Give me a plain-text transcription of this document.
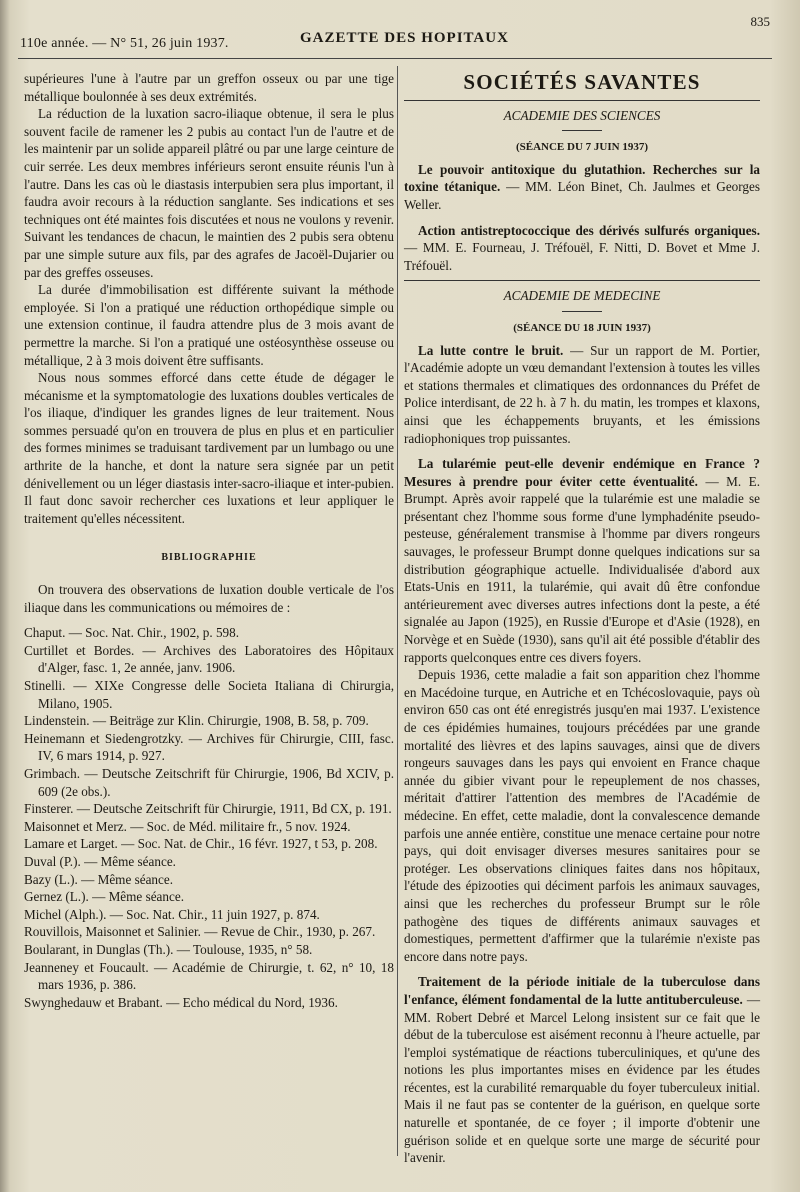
110e année. — N° 51, 26 juin 1937.	GAZETTE DES HOPITAUX
835

supérieures l'une à l'autre par un greffon osseux ou par une tige métallique boulonnée à ses deux extrémités.

La réduction de la luxation sacro-iliaque obtenue, il sera le plus souvent facile de ramener les 2 pubis au contact l'un de l'autre et de les maintenir par un solide appareil plâtré ou par une large ceinture de cuir serrée. Les deux membres inférieurs seront ensuite réunis l'un à l'autre. Dans les cas où le diastasis interpubien sera plus important, il faudra avoir recours à la réduction sanglante. Ses indications et ses techniques ont été maintes fois discutées et nous ne voulons y revenir. Suivant les tendances de chacun, le maintien des 2 pubis sera obtenu par une simple suture aux fils, par des agrafes de Jacoël-Dujarier ou par des greffes osseuses.

La durée d'immobilisation est différente suivant la méthode employée. Si l'on a pratiqué une réduction orthopédique simple ou une extension continue, il faudra attendre plus de 3 mois avant de permettre la marche. Si l'on a pratiqué une ostéosynthèse osseuse ou métallique, 2 à 3 mois doivent être suffisants.

Nous nous sommes efforcé dans cette étude de dégager le mécanisme et la symptomatologie des luxations doubles verticales de l'os iliaque, d'indiquer les grandes lignes de leur traitement. Nous sommes persuadé qu'on en trouvera de plus en plus et en particulier des formes minimes se traduisant tardivement par un lumbago ou une arthrite de la hanche, et dont la nature sera signée par un petit dénivellement ou un léger diastasis inter-sacro-iliaque et inter-pubien. Il faut donc savoir rechercher ces luxations et leur appliquer le traitement qu'elles nécessitent.

BIBLIOGRAPHIE

On trouvera des observations de luxation double verticale de l'os iliaque dans les communications ou mémoires de :

Chaput. — Soc. Nat. Chir., 1902, p. 598.
Curtillet et Bordes. — Archives des Laboratoires des Hôpitaux d'Alger, fasc. 1, 2e année, janv. 1906.
Stinelli. — XIXe Congresse delle Societa Italiana di Chirurgia, Milano, 1905.
Lindenstein. — Beiträge zur Klin. Chirurgie, 1908, B. 58, p. 709.
Heinemann et Siedengrotzky. — Archives für Chirurgie, CIII, fasc. IV, 6 mars 1914, p. 927.
Grimbach. — Deutsche Zeitschrift für Chirurgie, 1906, Bd XCIV, p. 609 (2e obs.).
Finsterer. — Deutsche Zeitschrift für Chirurgie, 1911, Bd CX, p. 191.
Maisonnet et Merz. — Soc. de Méd. militaire fr., 5 nov. 1924.
Lamare et Larget. — Soc. Nat. de Chir., 16 févr. 1927, t 53, p. 208.
Duval (P.). — Même séance.
Bazy (L.). — Même séance.
Gernez (L.). — Même séance.
Michel (Alph.). — Soc. Nat. Chir., 11 juin 1927, p. 874.
Rouvillois, Maisonnet et Salinier. — Revue de Chir., 1930, p. 267.
Boularant, in Dunglas (Th.). — Toulouse, 1935, n° 58.
Jeanneney et Foucault. — Académie de Chirurgie, t. 62, n° 10, 18 mars 1936, p. 386.
Swynghedauw et Brabant. — Echo médical du Nord, 1936.
SOCIÉTÉS SAVANTES
ACADEMIE DES SCIENCES
(SÉANCE DU 7 JUIN 1937)

Le pouvoir antitoxique du glutathion. Recherches sur la toxine tétanique. — MM. Léon Binet, Ch. Jaulmes et Georges Weller.

Action antistreptococcique des dérivés sulfurés organiques. — MM. E. Fourneau, J. Tréfouël, F. Nitti, D. Bovet et Mme J. Tréfouël.

ACADEMIE DE MEDECINE
(SÉANCE DU 18 JUIN 1937)

La lutte contre le bruit. — Sur un rapport de M. Portier, l'Académie adopte un vœu demandant l'extension à toutes les villes et stations thermales et climatiques des ordonnances du Préfet de Police interdisant, de 22 h. à 7 h. du matin, les trompes et klaxons, ainsi que les échappements bruyants, et les émissions radiophoniques trop puissantes.

La tularémie peut-elle devenir endémique en France ? Mesures à prendre pour éviter cette éventualité. — M. E. Brumpt. Après avoir rappelé que la tularémie est une maladie se présentant chez l'homme sous forme d'une lymphadénite pseudo-pesteuse, généralement transmise à l'homme par divers rongeurs sauvages, le professeur Brumpt donne quelques indications sur sa distribution géographique actuelle. Individualisée d'abord aux Etats-Unis en 1911, la tularémie, qui avait dû être confondue antérieurement avec diverses autres infections dont la peste, a été signalée au Japon (1925), en Russie d'Europe et d'Asie (1928), en Norvège et en Suède (1930), sans qu'il ait été possible d'établir des rapports quelconques entre ces divers foyers.

Depuis 1936, cette maladie a fait son apparition chez l'homme en Macédoine turque, en Autriche et en Tchécoslovaquie, pays où environ 650 cas ont été enregistrés jusqu'en mai 1937. L'existence de ces épidémies humaines, toujours précédées par une grande mortalité des lièvres et des lapins sauvages, ainsi que de divers rongeurs sauvages dans les pays qui envoient en France chaque année du gibier vivant pour le repeuplement de nos chasses, méritait d'attirer l'attention des membres de l'Académie de médecine. En effet, cette maladie, dont la convalescence demande parfois une année entière, constitue une menace certaine pour notre pays, qui doit envisager diverses mesures sanitaires pour se protéger. Les observations cliniques faites dans nos hôpitaux, l'étude des épizooties qui déciment parfois les animaux sauvages, ainsi que les recherches du professeur Brumpt sur le rôle pathogène des tiques de différents animaux sauvages et domestiques, permettent d'affirmer que la tularémie n'existe pas encore dans notre pays.

Traitement de la période initiale de la tuberculose dans l'enfance, élément fondamental de la lutte antituberculeuse. — MM. Robert Debré et Marcel Lelong insistent sur ce fait que le début de la tuberculose est aisément reconnu à l'heure actuelle, par l'emploi systématique de réactions tuberculiniques, et qu'une des notions les plus importantes mises en évidence par les études récentes, est la curabilité remarquable du foyer tuberculeux initial. Mais il ne faut pas se contenter de la guérison, en quelque sorte naturelle et spontanée, de ce foyer ; il importe d'obtenir une guérison solide et en quelque sorte une marge de sécurité pour l'avenir.
